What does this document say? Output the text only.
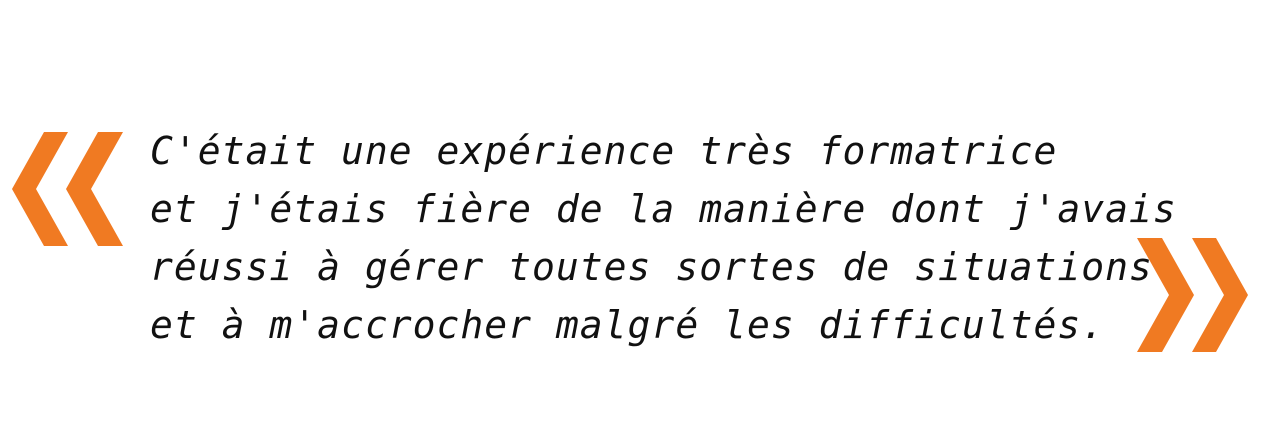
C'était une expérience très formatrice
et j'étais fière de la manière dont j'avais
réussi à gérer toutes sortes de situations
et à m'accrocher malgré les difficultés.
